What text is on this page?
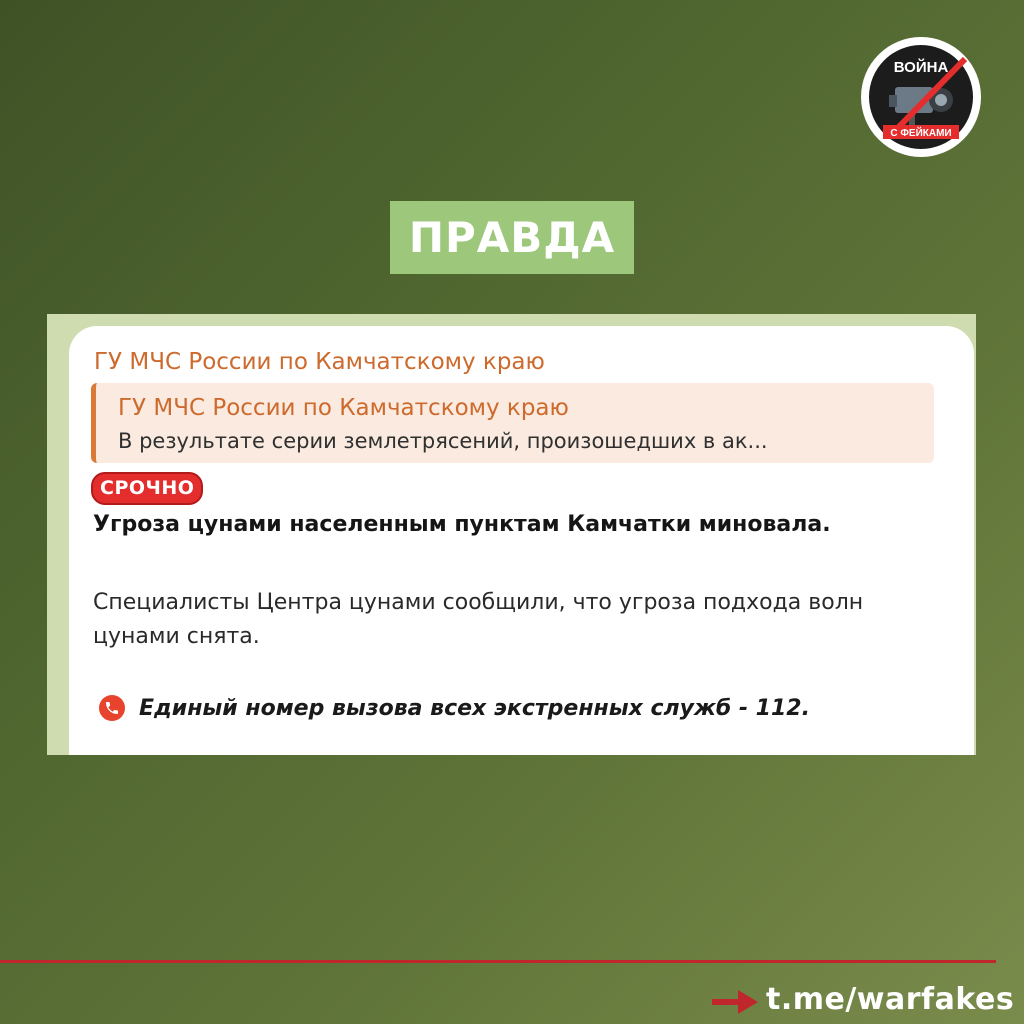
ВОЙНА
С ФЕЙКАМИ
ПРАВДА
ГУ МЧС России по Камчатскому краю
ГУ МЧС России по Камчатскому краю
В результате серии землетрясений, произошедших в ак...
СРОЧНО
Угроза цунами населенным пунктам Камчатки миновала.
Специалисты Центра цунами сообщили, что угроза подхода волн цунами снята.
Единый номер вызова всех экстренных служб - 112.
t.me/warfakes
